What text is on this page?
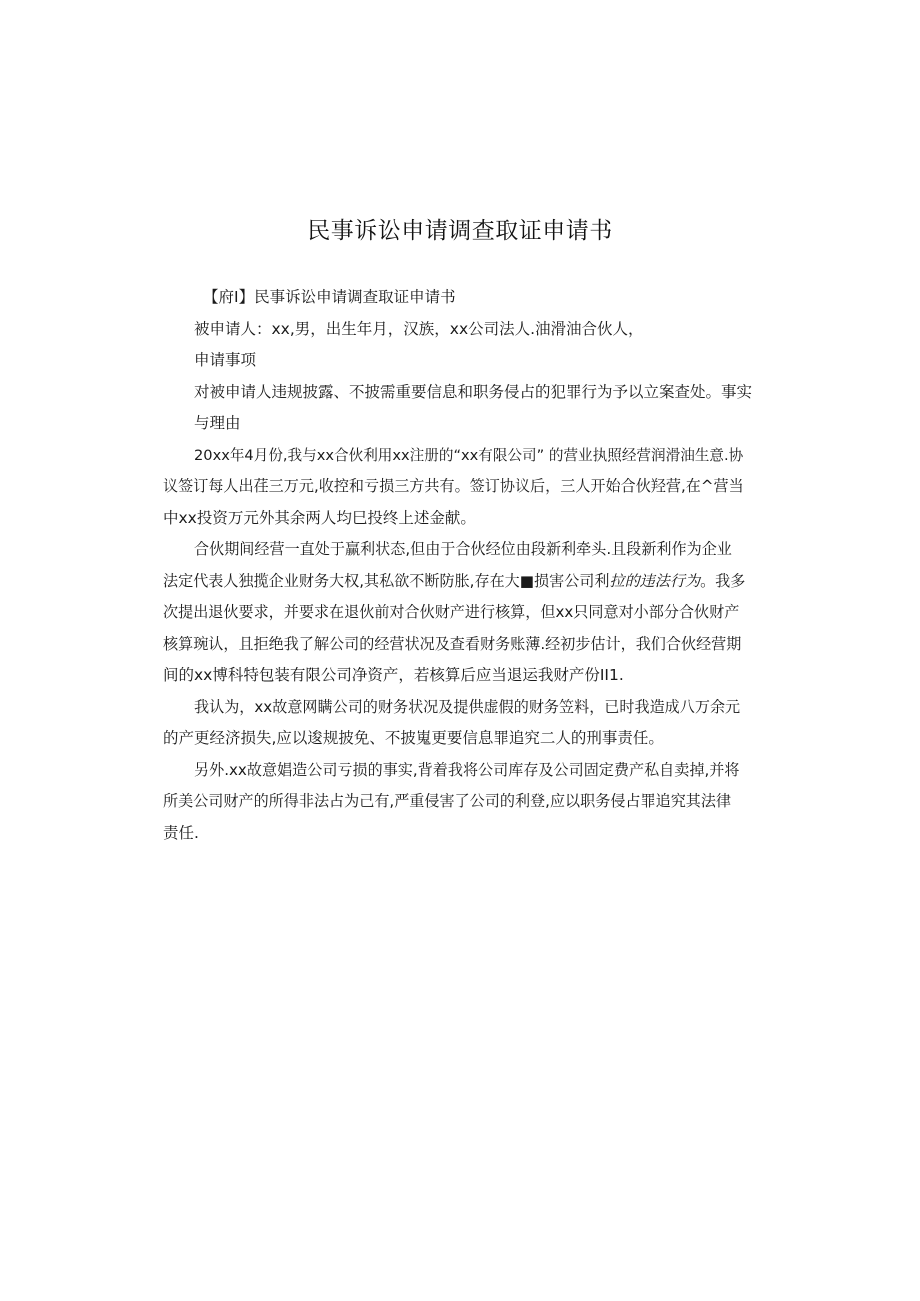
民事诉讼申请调查取证申请书
【府I】民事诉讼申请调查取证申请书
被申请人：xx,男，出生年月，汉族，xx公司法人.油滑油合伙人，
申请事项
对被申请人违规披露、不披需重要信息和职务侵占的犯罪行为予以立案查处。事实
与理由
20xx年4月份,我与xx合伙利用xx注册的“xx有限公司” 的营业执照经营润滑油生意.协
议签订每人出荏三万元,收控和亏损三方共有。签订协议后，三人开始合伙羟营,在^营当
中xx投资万元外其余两人均巳投终上述金献。
合伙期间经营一直处于赢利状态,但由于合伙经位由段新利牵头.且段新利作为企业
法定代表人独揽企业财务大权,其私欲不断防胀,存在大■损害公司利拉的违法行为。我多
次提出退伙要求，并要求在退伙前对合伙财产进行核算，但xx只同意对小部分合伙财产
核算琬认，且拒绝我了解公司的经营状况及查看财务账薄.经初步估计，我们合伙经营期
间的xx博科特包装有限公司净资产，若核算后应当退运我财产份II1.
我认为，xx故意网瞒公司的财务状况及提供虚假的财务笠料，已时我造成八万余元
的产更经济损失,应以逡规披免、不披嵬更要信息罪追究二人的刑事责任。
另外.xx故意娼造公司亏损的事实,背着我将公司库存及公司固定费产私自卖掉,并将
所美公司财产的所得非法占为己有,严重侵害了公司的利登,应以职务侵占罪追究其法律
责任.
